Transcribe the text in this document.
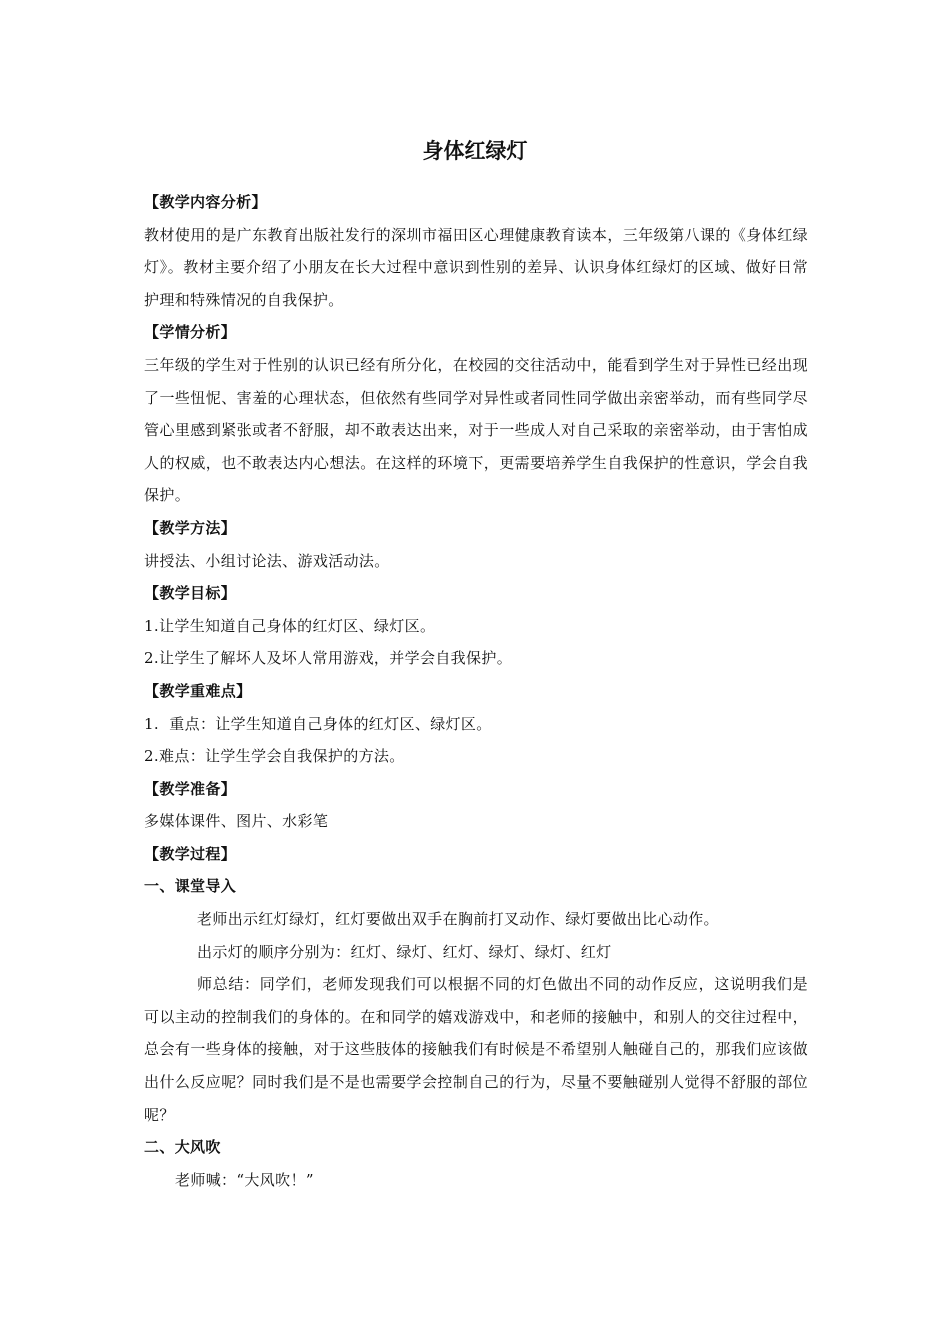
身体红绿灯

【教学内容分析】

教材使用的是广东教育出版社发行的深圳市福田区心理健康教育读本，三年级第八课的《身体红绿灯》。教材主要介绍了小朋友在长大过程中意识到性别的差异、认识身体红绿灯的区域、做好日常护理和特殊情况的自我保护。

【学情分析】

三年级的学生对于性别的认识已经有所分化，在校园的交往活动中，能看到学生对于异性已经出现了一些忸怩、害羞的心理状态，但依然有些同学对异性或者同性同学做出亲密举动，而有些同学尽管心里感到紧张或者不舒服，却不敢表达出来，对于一些成人对自己采取的亲密举动，由于害怕成人的权威，也不敢表达内心想法。在这样的环境下，更需要培养学生自我保护的性意识，学会自我保护。

【教学方法】

讲授法、小组讨论法、游戏活动法。

【教学目标】

1.让学生知道自己身体的红灯区、绿灯区。

2.让学生了解坏人及坏人常用游戏，并学会自我保护。

【教学重难点】

1.  重点：让学生知道自己身体的红灯区、绿灯区。

2.难点：让学生学会自我保护的方法。

【教学准备】

多媒体课件、图片、水彩笔

【教学过程】

一、课堂导入

老师出示红灯绿灯，红灯要做出双手在胸前打叉动作、绿灯要做出比心动作。

出示灯的顺序分别为：红灯、绿灯、红灯、绿灯、绿灯、红灯

师总结：同学们，老师发现我们可以根据不同的灯色做出不同的动作反应，这说明我们是可以主动的控制我们的身体的。在和同学的嬉戏游戏中，和老师的接触中，和别人的交往过程中，总会有一些身体的接触，对于这些肢体的接触我们有时候是不希望别人触碰自己的，那我们应该做出什么反应呢？同时我们是不是也需要学会控制自己的行为，尽量不要触碰别人觉得不舒服的部位呢？

二、大风吹

老师喊：“大风吹！”
